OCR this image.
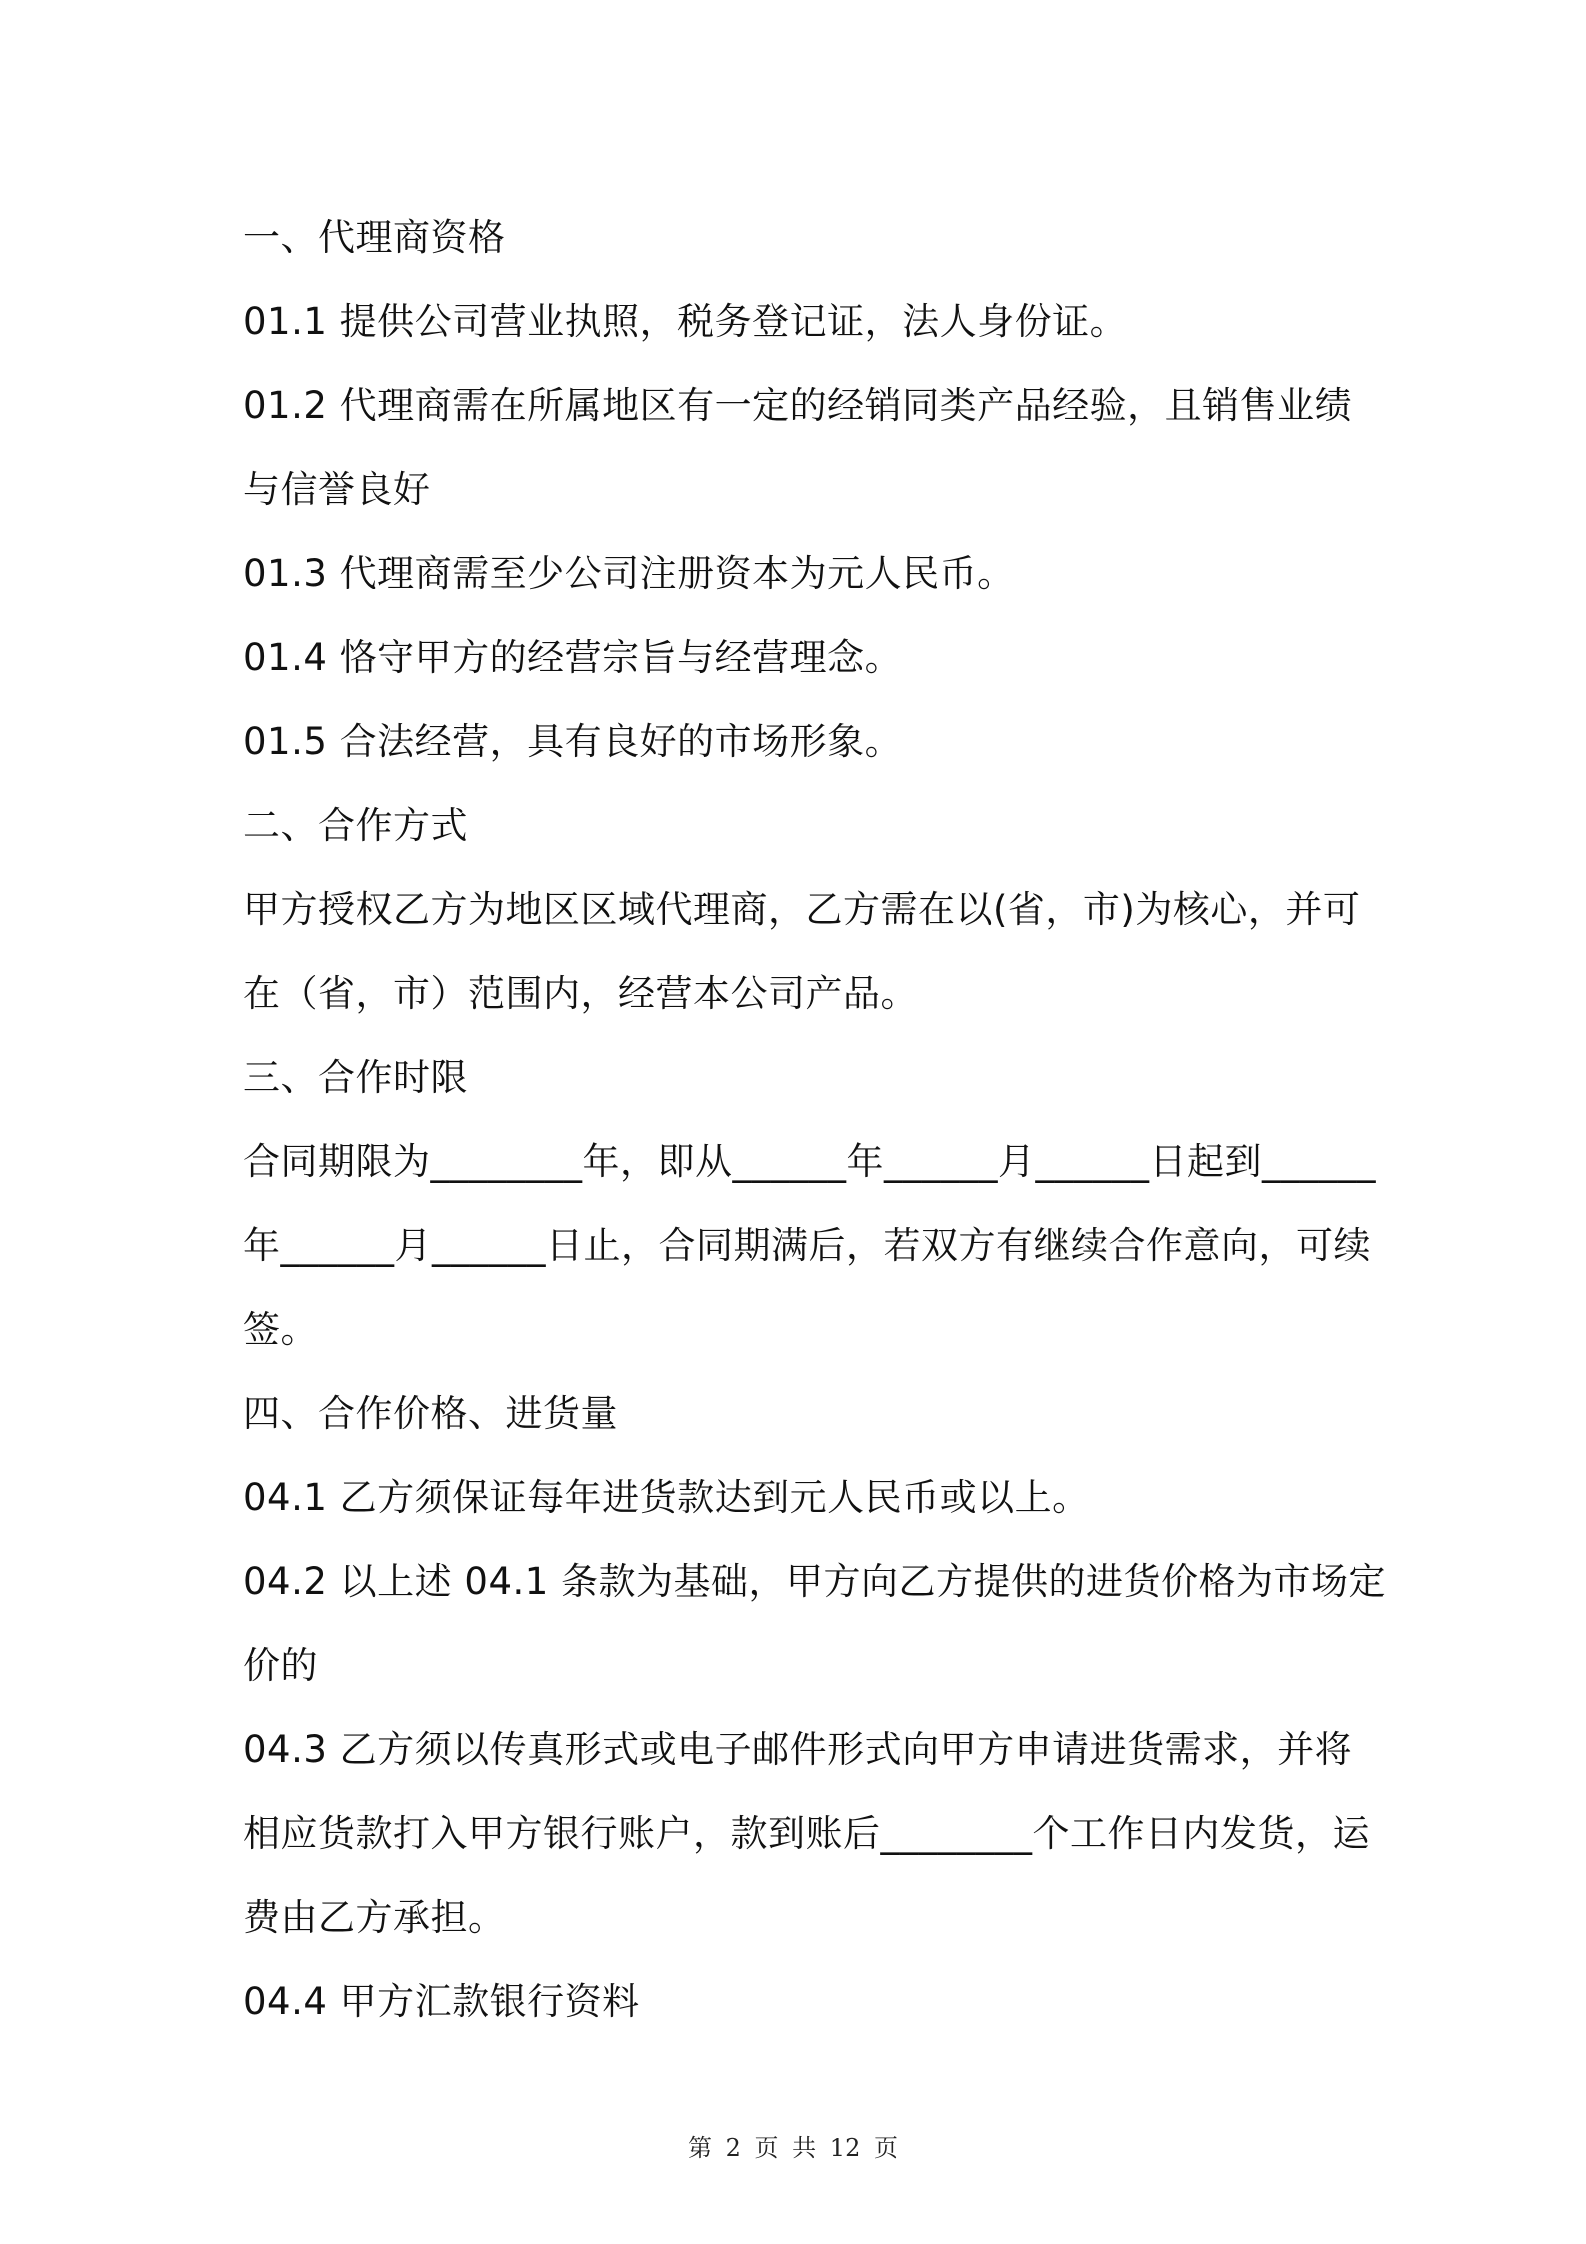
一、代理商资格
01.1 提供公司营业执照，税务登记证，法人身份证。
01.2 代理商需在所属地区有一定的经销同类产品经验，且销售业绩
与信誉良好
01.3 代理商需至少公司注册资本为元人民币。
01.4 恪守甲方的经营宗旨与经营理念。
01.5 合法经营，具有良好的市场形象。
二、合作方式
甲方授权乙方为地区区域代理商，乙方需在以(省，市)为核心，并可
在（省，市）范围内，经营本公司产品。
三、合作时限
合同期限为________年，即从______年______月______日起到______
年______月______日止，合同期满后，若双方有继续合作意向，可续
签。
四、合作价格、进货量
04.1 乙方须保证每年进货款达到元人民币或以上。
04.2 以上述 04.1 条款为基础，甲方向乙方提供的进货价格为市场定
价的
04.3 乙方须以传真形式或电子邮件形式向甲方申请进货需求，并将
相应货款打入甲方银行账户，款到账后________个工作日内发货，运
费由乙方承担。
04.4 甲方汇款银行资料
第 2 页 共 12 页
